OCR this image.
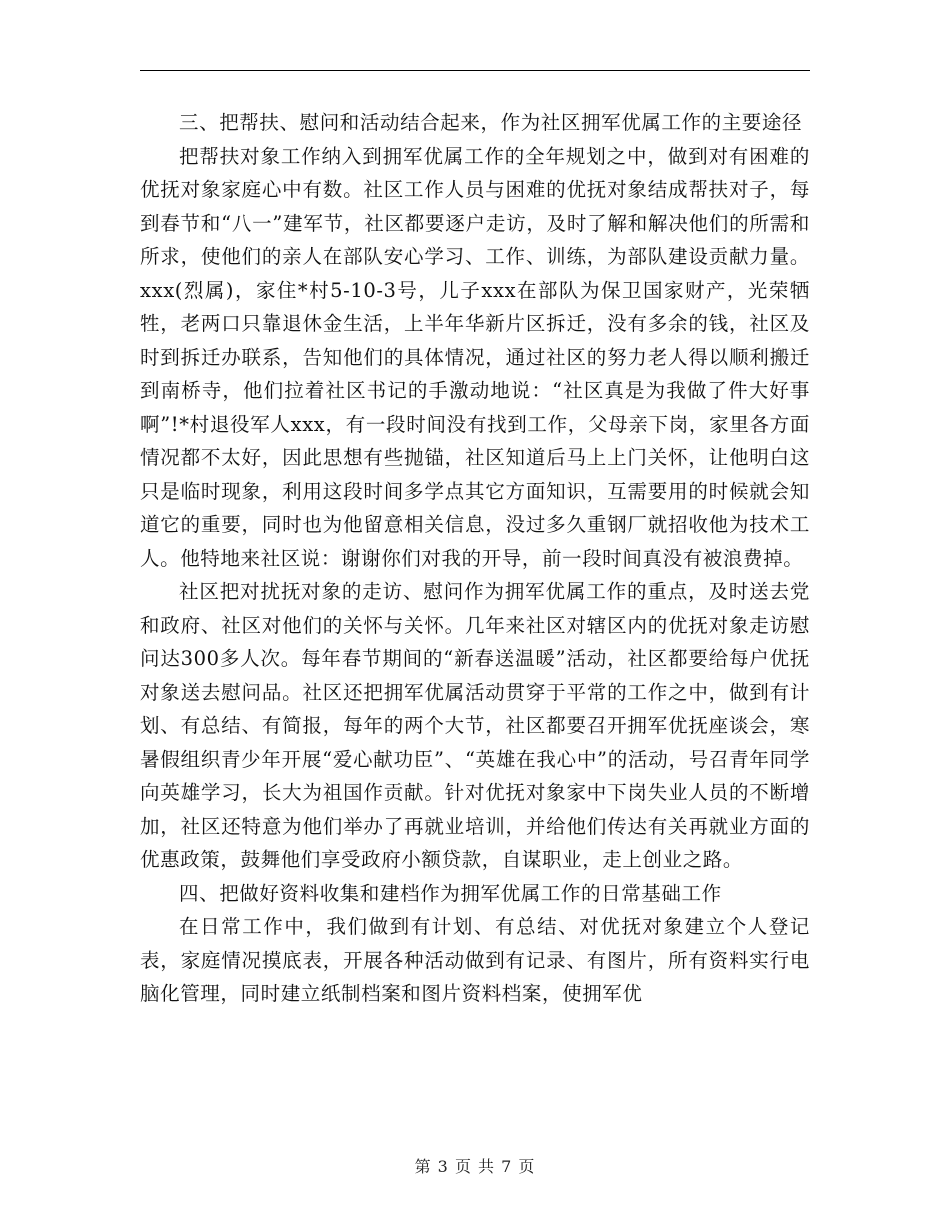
三、把帮扶、慰问和活动结合起来，作为社区拥军优属工作的主要途径

把帮扶对象工作纳入到拥军优属工作的全年规划之中，做到对有困难的优抚对象家庭心中有数。社区工作人员与困难的优抚对象结成帮扶对子，每到春节和“八一”建军节，社区都要逐户走访，及时了解和解决他们的所需和所求，使他们的亲人在部队安心学习、工作、训练，为部队建设贡献力量。xxx(烈属)，家住*村5-10-3号，儿子xxx在部队为保卫国家财产，光荣牺牲，老两口只靠退休金生活，上半年华新片区拆迁，没有多余的钱，社区及时到拆迁办联系，告知他们的具体情况，通过社区的努力老人得以顺利搬迁到南桥寺，他们拉着社区书记的手激动地说：“社区真是为我做了件大好事啊”!*村退役军人xxx，有一段时间没有找到工作，父母亲下岗，家里各方面情况都不太好，因此思想有些抛锚，社区知道后马上上门关怀，让他明白这只是临时现象，利用这段时间多学点其它方面知识，互需要用的时候就会知道它的重要，同时也为他留意相关信息，没过多久重钢厂就招收他为技术工人。他特地来社区说：谢谢你们对我的开导，前一段时间真没有被浪费掉。

社区把对扰抚对象的走访、慰问作为拥军优属工作的重点，及时送去党和政府、社区对他们的关怀与关怀。几年来社区对辖区内的优抚对象走访慰问达300多人次。每年春节期间的“新春送温暖”活动，社区都要给每户优抚对象送去慰问品。社区还把拥军优属活动贯穿于平常的工作之中，做到有计划、有总结、有简报，每年的两个大节，社区都要召开拥军优抚座谈会，寒暑假组织青少年开展“爱心献功臣”、“英雄在我心中”的活动，号召青年同学向英雄学习，长大为祖国作贡献。针对优抚对象家中下岗失业人员的不断增加，社区还特意为他们举办了再就业培训，并给他们传达有关再就业方面的优惠政策，鼓舞他们享受政府小额贷款，自谋职业，走上创业之路。

四、把做好资料收集和建档作为拥军优属工作的日常基础工作

在日常工作中，我们做到有计划、有总结、对优抚对象建立个人登记表，家庭情况摸底表，开展各种活动做到有记录、有图片，所有资料实行电脑化管理，同时建立纸制档案和图片资料档案，使拥军优

第 3 页 共 7 页
